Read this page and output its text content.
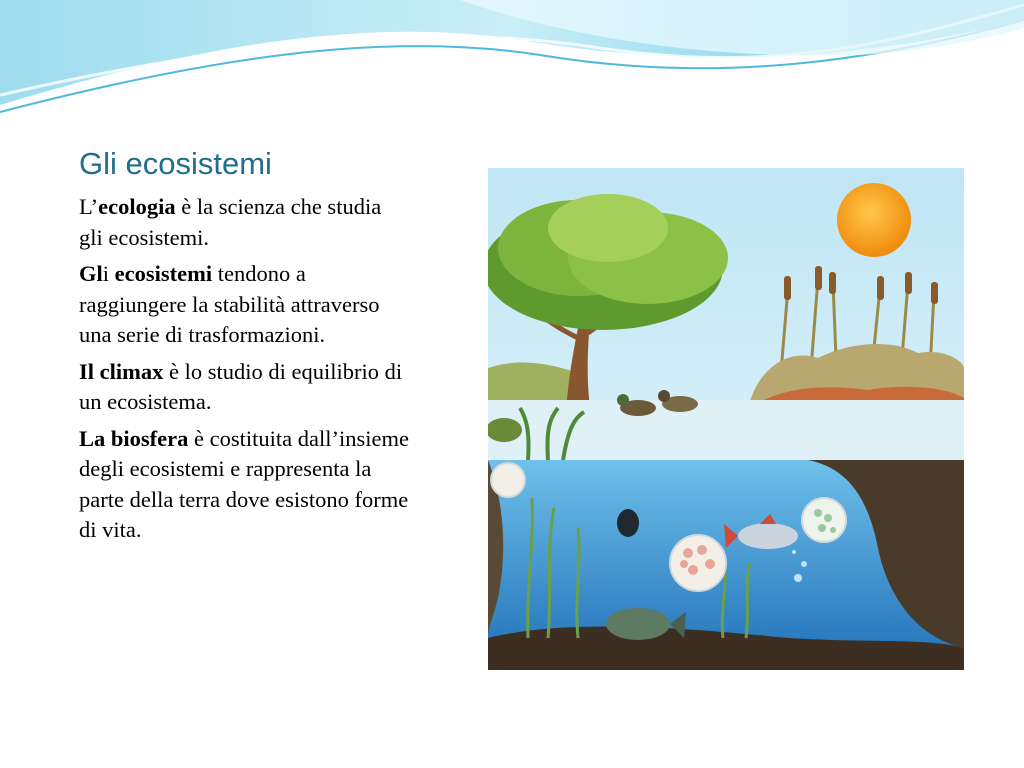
Gli ecosistemi

L’ecologia è la scienza che studia gli ecosistemi.

Gli ecosistemi tendono a raggiungere la stabilità attraverso una serie di trasformazioni.

Il climax è lo studio di equilibrio di un ecosistema.

La biosfera è costituita dall’insieme degli ecosistemi e rappresenta la parte della terra dove esistono forme di vita.
